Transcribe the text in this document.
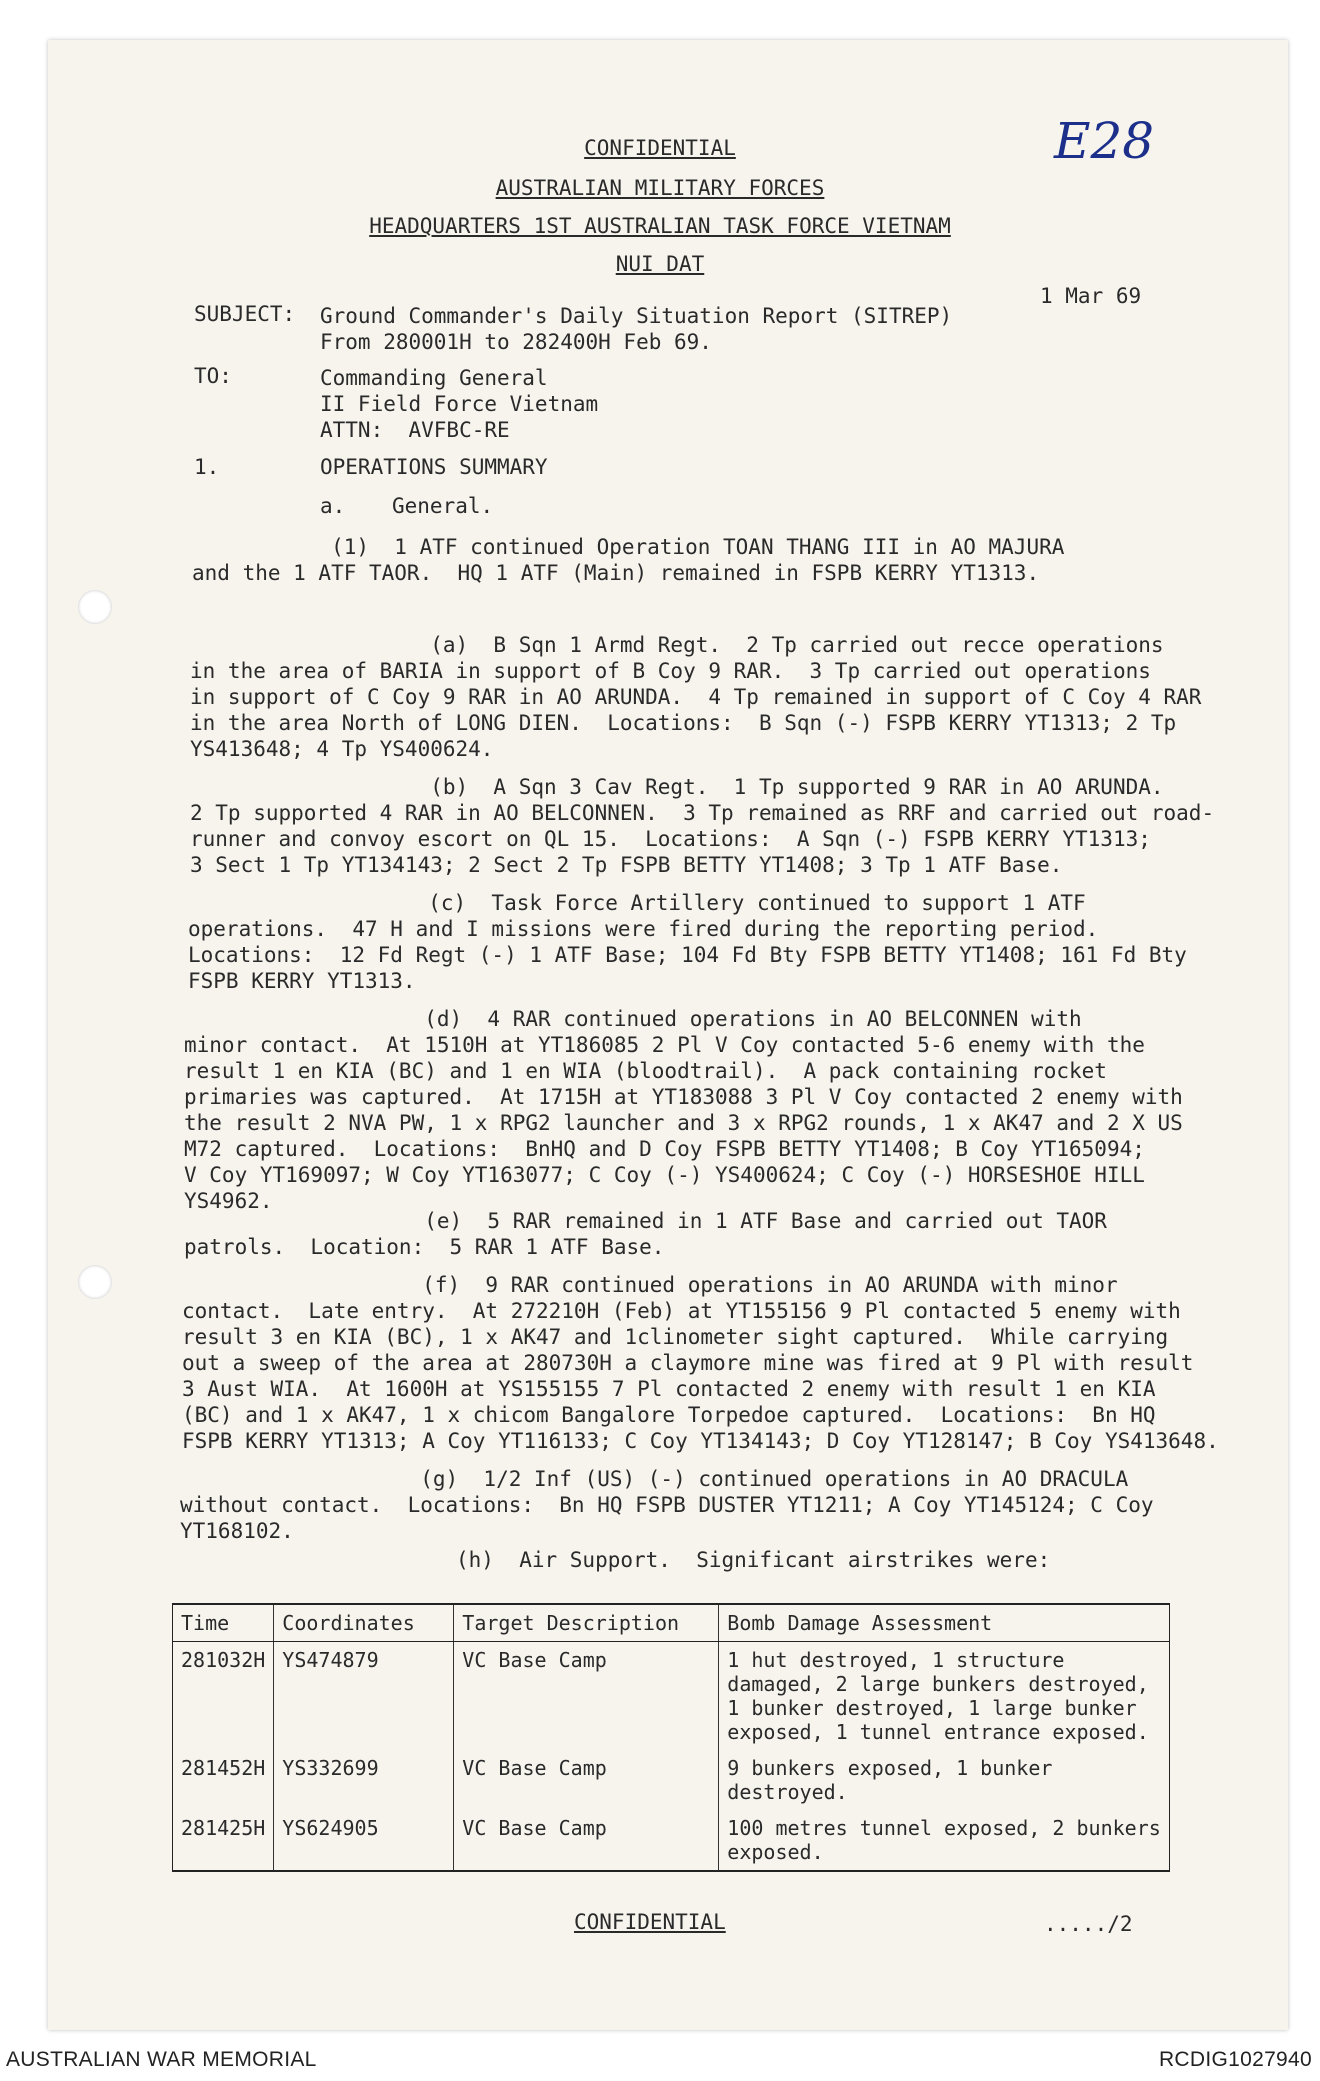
CONFIDENTIAL
AUSTRALIAN MILITARY FORCES
HEADQUARTERS 1ST AUSTRALIAN TASK FORCE VIETNAM
NUI DAT
E28
1 Mar 69
SUBJECT: Ground Commander's Daily Situation Report (SITREP)
From 280001H to 282400H Feb 69.
TO:	Commanding General
II Field Force Vietnam
ATTN:  AVFBC-RE
1.	OPERATIONS SUMMARY
a. General.
(1)  1 ATF continued Operation TOAN THANG III in AO MAJURA
and the 1 ATF TAOR.  HQ 1 ATF (Main) remained in FSPB KERRY YT1313.
(a)  B Sqn 1 Armd Regt.  2 Tp carried out recce operations
in the area of BARIA in support of B Coy 9 RAR.  3 Tp carried out operations
in support of C Coy 9 RAR in AO ARUNDA.  4 Tp remained in support of C Coy 4 RAR
in the area North of LONG DIEN.  Locations:  B Sqn (-) FSPB KERRY YT1313; 2 Tp
YS413648; 4 Tp YS400624.
(b)  A Sqn 3 Cav Regt.  1 Tp supported 9 RAR in AO ARUNDA.
2 Tp supported 4 RAR in AO BELCONNEN.  3 Tp remained as RRF and carried out road-
runner and convoy escort on QL 15.  Locations:  A Sqn (-) FSPB KERRY YT1313;
3 Sect 1 Tp YT134143; 2 Sect 2 Tp FSPB BETTY YT1408; 3 Tp 1 ATF Base.
(c)  Task Force Artillery continued to support 1 ATF
operations.  47 H and I missions were fired during the reporting period.
Locations:  12 Fd Regt (-) 1 ATF Base; 104 Fd Bty FSPB BETTY YT1408; 161 Fd Bty
FSPB KERRY YT1313.
(d)  4 RAR continued operations in AO BELCONNEN with
minor contact.  At 1510H at YT186085 2 Pl V Coy contacted 5-6 enemy with the
result 1 en KIA (BC) and 1 en WIA (bloodtrail).  A pack containing rocket
primaries was captured.  At 1715H at YT183088 3 Pl V Coy contacted 2 enemy with
the result 2 NVA PW, 1 x RPG2 launcher and 3 x RPG2 rounds, 1 x AK47 and 2 X US
M72 captured.  Locations:  BnHQ and D Coy FSPB BETTY YT1408; B Coy YT165094;
V Coy YT169097; W Coy YT163077; C Coy (-) YS400624; C Coy (-) HORSESHOE HILL
YS4962.
(e)  5 RAR remained in 1 ATF Base and carried out TAOR
patrols.  Location:  5 RAR 1 ATF Base.
(f)  9 RAR continued operations in AO ARUNDA with minor
contact.  Late entry.  At 272210H (Feb) at YT155156 9 Pl contacted 5 enemy with
result 3 en KIA (BC), 1 x AK47 and 1clinometer sight captured.  While carrying
out a sweep of the area at 280730H a claymore mine was fired at 9 Pl with result
3 Aust WIA.  At 1600H at YS155155 7 Pl contacted 2 enemy with result 1 en KIA
(BC) and 1 x AK47, 1 x chicom Bangalore Torpedoe captured.  Locations:  Bn HQ
FSPB KERRY YT1313; A Coy YT116133; C Coy YT134143; D Coy YT128147; B Coy YS413648.
(g)  1/2 Inf (US) (-) continued operations in AO DRACULA
without contact.  Locations:  Bn HQ FSPB DUSTER YT1211; A Coy YT145124; C Coy
YT168102.
(h)  Air Support.  Significant airstrikes were:
Time	Coordinates	Target Description	Bomb Damage Assessment
281032H	YS474879	VC Base Camp	1 hut destroyed, 1 structure damaged, 2 large bunkers destroyed, 1 bunker destroyed, 1 large bunker exposed, 1 tunnel entrance exposed.
281452H	YS332699	VC Base Camp	9 bunkers exposed, 1 bunker destroyed.
281425H	YS624905	VC Base Camp	100 metres tunnel exposed, 2 bunkers exposed.
CONFIDENTIAL	...../2
AUSTRALIAN WAR MEMORIAL	RCDIG1027940
